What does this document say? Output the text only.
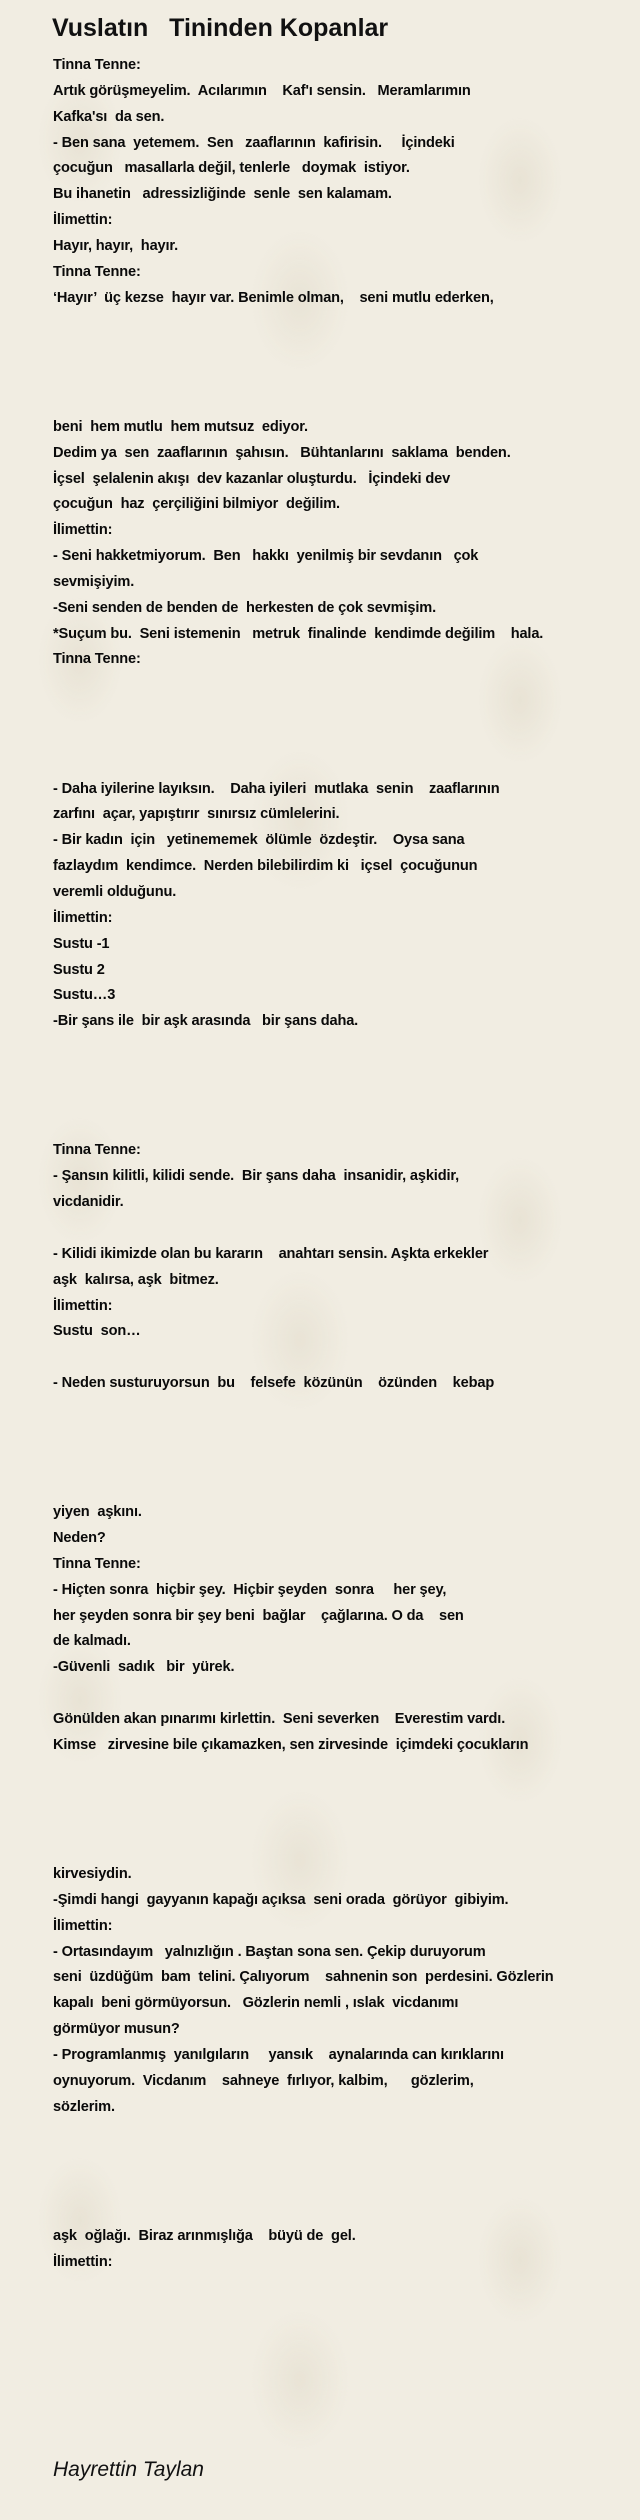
Vuslatın   Tininden Kopanlar
Tinna Tenne:
Artık görüşmeyelim.  Acılarımın    Kaf'ı sensin.   Meramlarımın
Kafka'sı  da sen.
- Ben sana  yetemem.  Sen   zaaflarının  kafirisin.     İçindeki
çocuğun   masallarla değil, tenlerle   doymak  istiyor.
Bu ihanetin   adressizliğinde  senle  sen kalamam.
İlimettin:
Hayır, hayır,  hayır.
Tinna Tenne:
‘Hayır’  üç kezse  hayır var. Benimle olman,    seni mutlu ederken,
beni  hem mutlu  hem mutsuz  ediyor.
Dedim ya  sen  zaaflarının  şahısın.   Bühtanlarını  saklama  benden.
İçsel  şelalenin akışı  dev kazanlar oluşturdu.   İçindeki dev
çocuğun  haz  çerçiliğini bilmiyor  değilim.
İlimettin:
- Seni hakketmiyorum.  Ben   hakkı  yenilmiş bir sevdanın   çok
sevmişiyim.
-Seni senden de benden de  herkesten de çok sevmişim.
*Suçum bu.  Seni istemenin   metruk  finalinde  kendimde değilim    hala.
Tinna Tenne:
- Daha iyilerine layıksın.    Daha iyileri  mutlaka  senin    zaaflarının
zarfını  açar, yapıştırır  sınırsız cümlelerini.
- Bir kadın  için   yetinememek  ölümle  özdeştir.    Oysa sana
fazlaydım  kendimce.  Nerden bilebilirdim ki   içsel  çocuğunun
veremli olduğunu.
İlimettin:
Sustu -1
Sustu 2
Sustu…3
-Bir şans ile  bir aşk arasında   bir şans daha.
Tinna Tenne:
- Şansın kilitli, kilidi sende.  Bir şans daha  insanidir, aşkidir,
vicdanidir.
- Kilidi ikimizde olan bu kararın    anahtarı sensin. Aşkta erkekler
aşk  kalırsa, aşk  bitmez.
İlimettin:
Sustu  son…
- Neden susturuyorsun  bu    felsefe  közünün    özünden    kebap
yiyen  aşkını.
Neden?
Tinna Tenne:
- Hiçten sonra  hiçbir şey.  Hiçbir şeyden  sonra     her şey,
her şeyden sonra bir şey beni  bağlar    çağlarına. O da    sen
de kalmadı.
-Güvenli  sadık   bir  yürek.
Gönülden akan pınarımı kirlettin.  Seni severken    Everestim vardı.
Kimse   zirvesine bile çıkamazken, sen zirvesinde  içimdeki çocukların
kirvesiydin.
-Şimdi hangi  gayyanın kapağı açıksa  seni orada  görüyor  gibiyim.
İlimettin:
- Ortasındayım   yalnızlığın . Baştan sona sen. Çekip duruyorum
seni  üzdüğüm  bam  telini. Çalıyorum    sahnenin son  perdesini. Gözlerin
kapalı  beni görmüyorsun.   Gözlerin nemli , ıslak  vicdanımı
görmüyor musun?
- Programlanmış  yanılgıların     yansık    aynalarında can kırıklarını
oynuyorum.  Vicdanım    sahneye  fırlıyor, kalbim,      gözlerim,
sözlerim.
aşk  oğlağı.  Biraz arınmışlığa    büyü de  gel.
İlimettin:

Hayrettin Taylan
